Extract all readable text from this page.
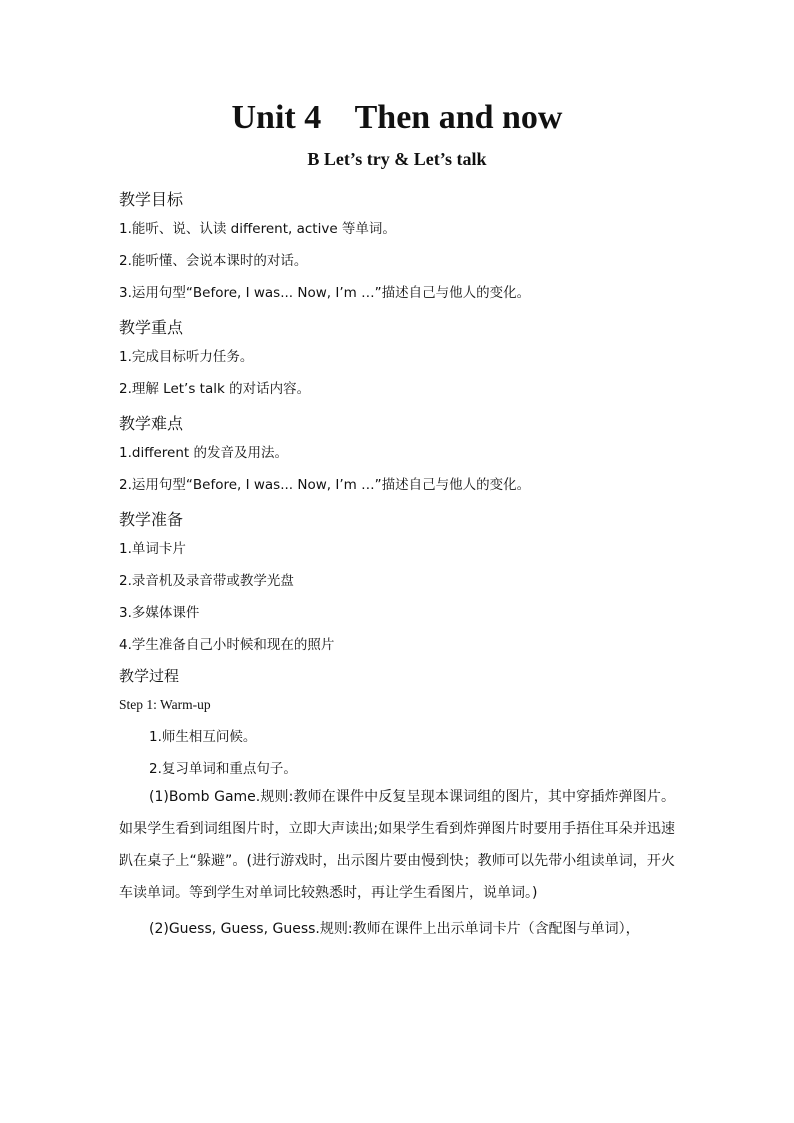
Unit 4    Then and now
B Let’s try & Let’s talk
教学目标
1.能听、说、认读 different, active 等单词。
2.能听懂、会说本课时的对话。
3.运用句型“Before, I was... Now, I’m …”描述自己与他人的变化。
教学重点
1.完成目标听力任务。
2.理解 Let’s talk 的对话内容。
教学难点
1.different 的发音及用法。
2.运用句型“Before, I was... Now, I’m …”描述自己与他人的变化。
教学准备
1.单词卡片
2.录音机及录音带或教学光盘
3.多媒体课件
4.学生准备自己小时候和现在的照片
教学过程
Step 1: Warm-up
1.师生相互问候。
2.复习单词和重点句子。

(1)Bomb Game.规则:教师在课件中反复呈现本课词组的图片，其中穿插炸弹图片。如果学生看到词组图片时，立即大声读出;如果学生看到炸弹图片时要用手捂住耳朵并迅速趴在桌子上“躲避”。(进行游戏时，出示图片要由慢到快；教师可以先带小组读单词，开火车读单词。等到学生对单词比较熟悉时，再让学生看图片，说单词。)

(2)Guess, Guess, Guess.规则:教师在课件上出示单词卡片（含配图与单词），
